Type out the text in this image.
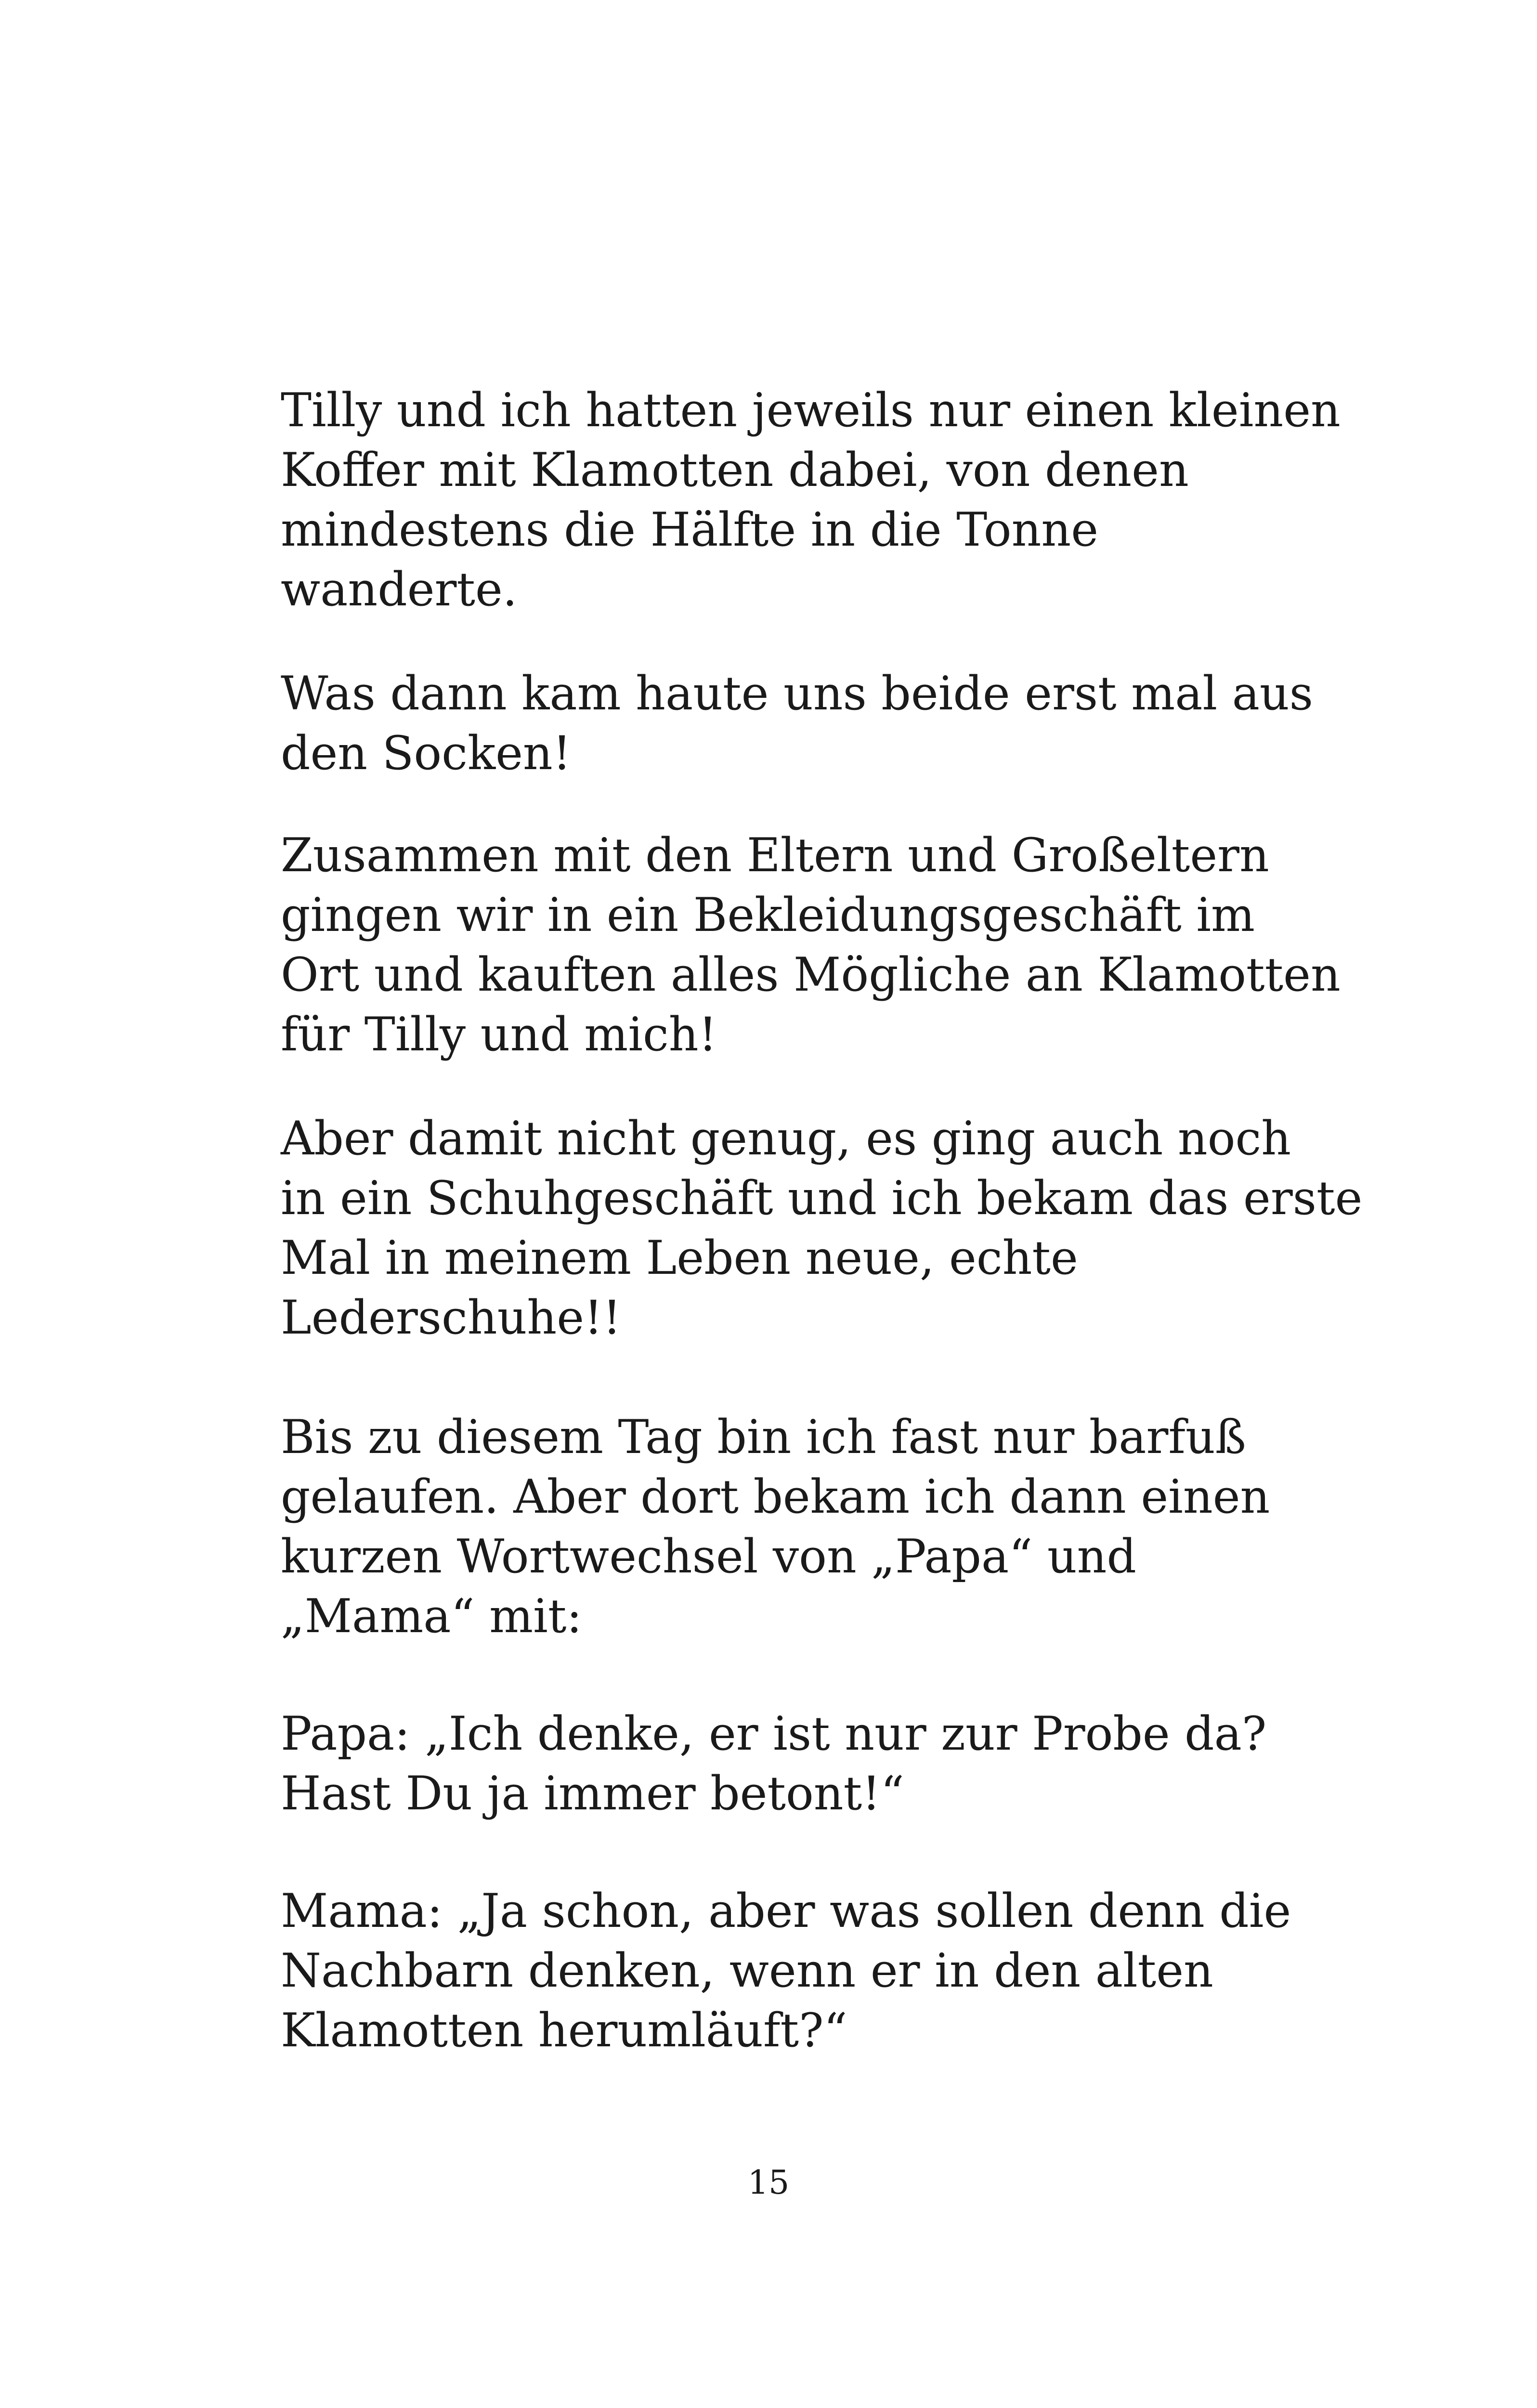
Tilly und ich hatten jeweils nur einen kleinen
Koffer mit Klamotten dabei, von denen
mindestens die Hälfte in die Tonne
wanderte.

Was dann kam haute uns beide erst mal aus
den Socken!

Zusammen mit den Eltern und Großeltern
gingen wir in ein Bekleidungsgeschäft im
Ort und kauften alles Mögliche an Klamotten
für Tilly und mich!

Aber damit nicht genug, es ging auch noch
in ein Schuhgeschäft und ich bekam das erste
Mal in meinem Leben neue, echte
Lederschuhe!!

Bis zu diesem Tag bin ich fast nur barfuß
gelaufen. Aber dort bekam ich dann einen
kurzen Wortwechsel von „Papa“ und
„Mama“ mit:

Papa: „Ich denke, er ist nur zur Probe da?
Hast Du ja immer betont!“

Mama: „Ja schon, aber was sollen denn die
Nachbarn denken, wenn er in den alten
Klamotten herumläuft?“

15
